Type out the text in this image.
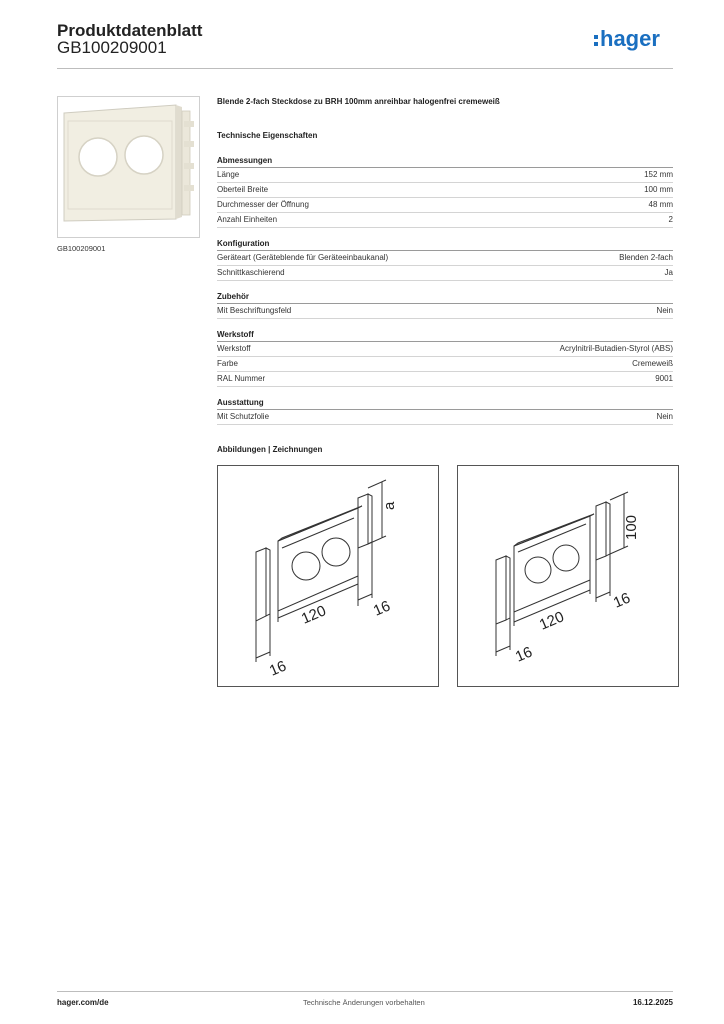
Produktdatenblatt
GB100209001	hager
GB100209001
Blende 2-fach Steckdose zu BRH 100mm anreihbar halogenfrei cremeweiß
Technische Eigenschaften
Abmessungen
Länge	152 mm
Oberteil Breite	100 mm
Durchmesser der Öffnung	48 mm
Anzahl Einheiten	2
Konfiguration
Geräteart (Geräteblende für Geräteeinbaukanal)	Blenden 2-fach
Schnittkaschierend	Ja
Zubehör
Mit Beschriftungsfeld	Nein
Werkstoff
Werkstoff	Acrylnitril-Butadien-Styrol (ABS)
Farbe	Cremeweiß
RAL Nummer	9001
Ausstattung
Mit Schutzfolie	Nein
Abbildungen | Zeichnungen
a
120	16
16
100
120
16
16
hager.com/de	Technische Änderungen vorbehalten	16.12.2025
